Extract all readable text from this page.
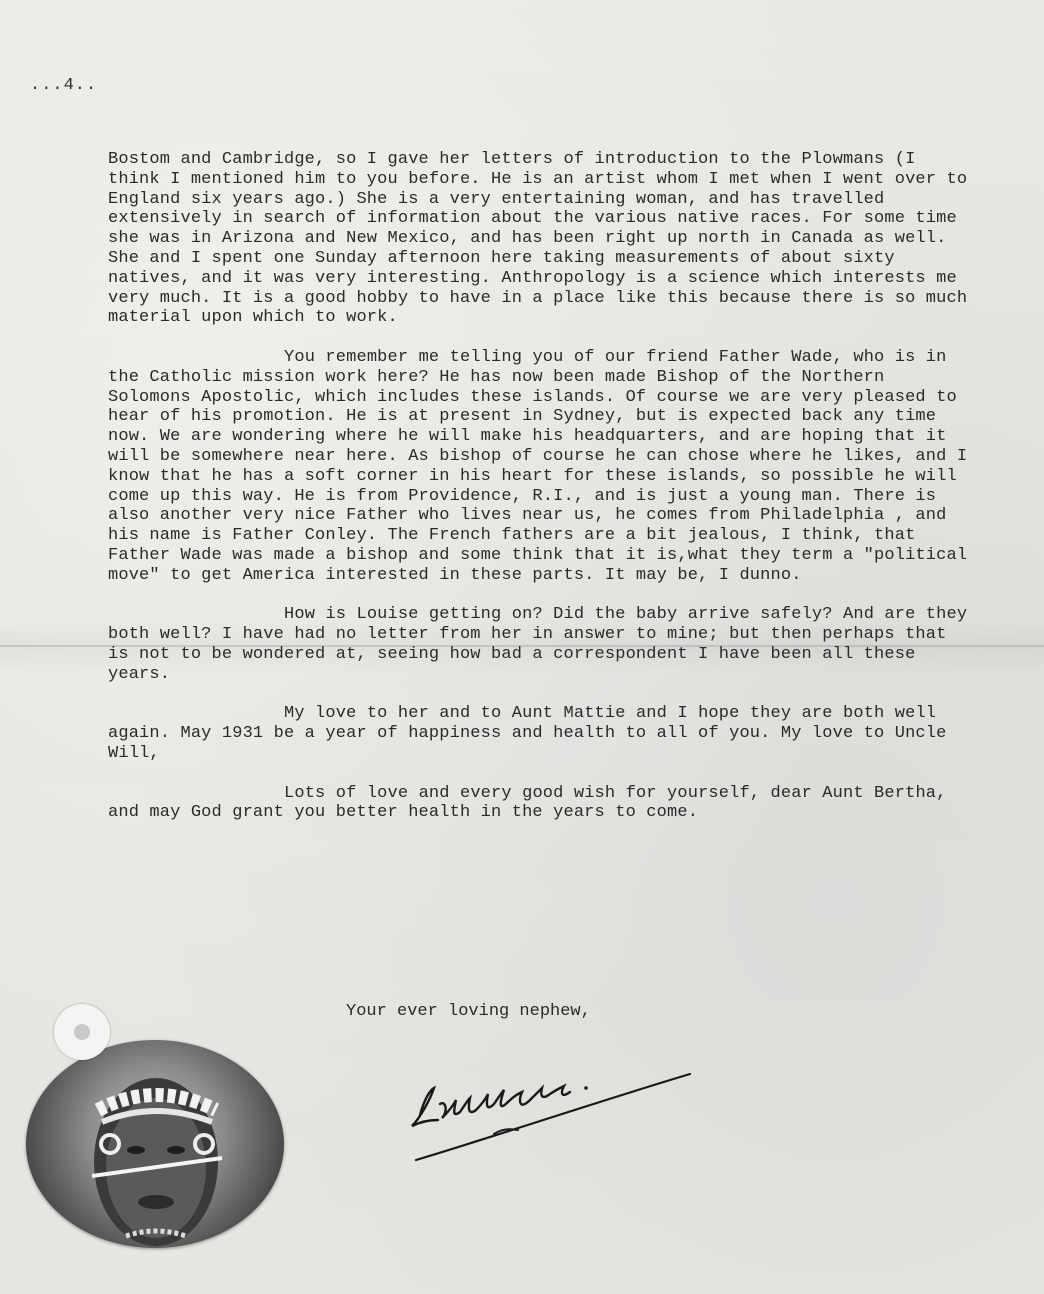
...4..

Bostom and Cambridge, so I gave her letters of introduction to the Plowmans (I think I mentioned him to you before. He is an artist whom I met when I went over to England six years ago.) She is a very entertaining woman, and has travelled extensively in search of information about the various native races. For some time she was in Arizona and New Mexico, and has been right up north in Canada as well. She and I spent one Sunday afternoon here taking measurements of about sixty natives, and it was very interesting. Anthropology is a science which interests me very much. It is a good hobby to have in a place like this because there is so much material upon which to work.

You remember me telling you of our friend Father Wade, who is in the Catholic mission work here? He has now been made Bishop of the Northern Solomons Apostolic, which includes these islands. Of course we are very pleased to hear of his promotion. He is at present in Sydney, but is expected back any time now. We are wondering where he will make his headquarters, and are hoping that it will be somewhere near here. As bishop of course he can chose where he likes, and I know that he has a soft corner in his heart for these islands, so possible he will come up this way. He is from Providence, R.I., and is just a young man. There is also another very nice Father who lives near us, he comes from Philadelphia , and his name is Father Conley. The French fathers are a bit jealous, I think, that Father Wade was made a bishop and some think that it is,what they term a "political move" to get America interested in these parts. It may be, I dunno.

How is Louise getting on? Did the baby arrive safely? And are they both well? I have had no letter from her in answer to mine; but then perhaps that is not to be wondered at, seeing how bad a correspondent I have been all these years.

My love to her and to Aunt Mattie and I hope they are both well again. May 1931 be a year of happiness and health to all of you. My love to Uncle Will,

Lots of love and every good wish for yourself, dear Aunt Bertha, and may God grant you better health in the years to come.

Your ever loving nephew,
